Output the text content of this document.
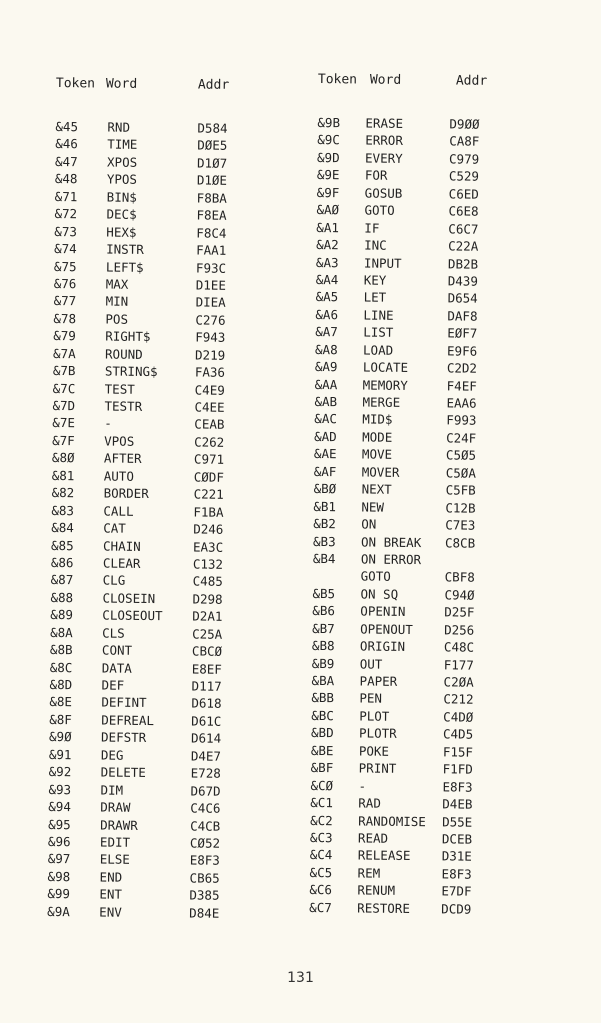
Token Word	Addr
&45	RND	D584
&46	TIME	DØE5
&47	XPOS	D1Ø7
&48	YPOS	D1ØE
&71	BIN$	F8BA
&72	DEC$	F8EA
&73	HEX$	F8C4
&74	INSTR	FAA1
&75	LEFT$	F93C
&76	MAX	D1EE
&77	MIN	DIEA
&78	POS	C276
&79	RIGHT$	F943
&7A	ROUND	D219
&7B	STRING$	FA36
&7C	TEST	C4E9
&7D	TESTR	C4EE
&7E	-	CEAB
&7F	VPOS	C262
&8Ø	AFTER	C971
&81	AUTO	CØDF
&82	BORDER	C221
&83	CALL	F1BA
&84	CAT	D246
&85	CHAIN	EA3C
&86	CLEAR	C132
&87	CLG	C485
&88	CLOSEIN	D298
&89	CLOSEOUT	D2A1
&8A	CLS	C25A
&8B	CONT	CBCØ
&8C	DATA	E8EF
&8D	DEF	D117
&8E	DEFINT	D618
&8F	DEFREAL	D61C
&9Ø	DEFSTR	D614
&91	DEG	D4E7
&92	DELETE	E728
&93	DIM	D67D
&94	DRAW	C4C6
&95	DRAWR	C4CB
&96	EDIT	CØ52
&97	ELSE	E8F3
&98	END	CB65
&99	ENT	D385
&9A	ENV	D84E
Token Word	Addr
&9B	ERASE	D9ØØ
&9C	ERROR	CA8F
&9D	EVERY	C979
&9E	FOR	C529
&9F	GOSUB	C6ED
&AØ	GOTO	C6E8
&A1	IF	C6C7
&A2	INC	C22A
&A3	INPUT	DB2B
&A4	KEY	D439
&A5	LET	D654
&A6	LINE	DAF8
&A7	LIST	EØF7
&A8	LOAD	E9F6
&A9	LOCATE	C2D2
&AA	MEMORY	F4EF
&AB	MERGE	EAA6
&AC	MID$	F993
&AD	MODE	C24F
&AE	MOVE	C5Ø5
&AF	MOVER	C5ØA
&BØ	NEXT	C5FB
&B1	NEW	C12B
&B2	ON	C7E3
&B3	ON BREAK	C8CB
&B4	ON ERROR
GOTO	CBF8
&B5	ON SQ	C94Ø
&B6	OPENIN	D25F
&B7	OPENOUT	D256
&B8	ORIGIN	C48C
&B9	OUT	F177
&BA	PAPER	C2ØA
&BB	PEN	C212
&BC	PLOT	C4DØ
&BD	PLOTR	C4D5
&BE	POKE	F15F
&BF	PRINT	F1FD
&CØ	-	E8F3
&C1	RAD	D4EB
&C2	RANDOMISE	D55E
&C3	READ	DCEB
&C4	RELEASE	D31E
&C5	REM	E8F3
&C6	RENUM	E7DF
&C7	RESTORE	DCD9
131
